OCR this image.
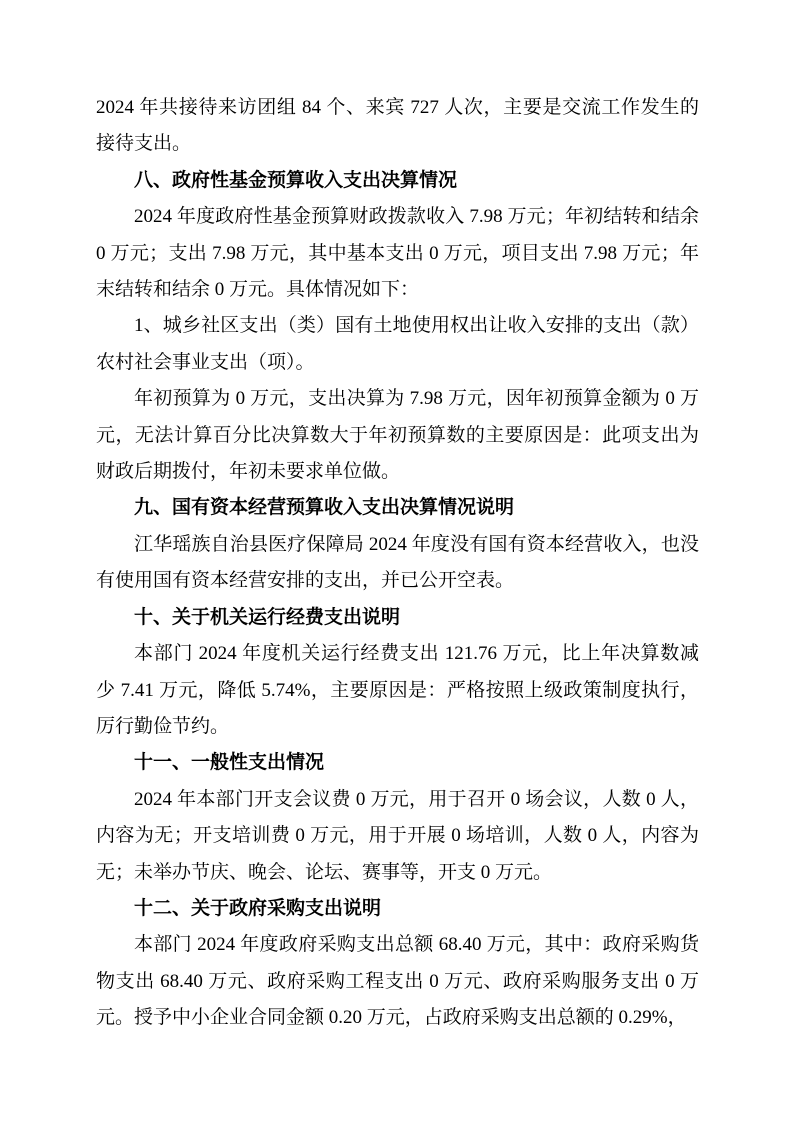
2024 年共接待来访团组 84 个、来宾 727 人次，主要是交流工作发生的接待支出。

八、政府性基金预算收入支出决算情况

2024 年度政府性基金预算财政拨款收入 7.98 万元；年初结转和结余 0 万元；支出 7.98 万元，其中基本支出 0 万元，项目支出 7.98 万元；年末结转和结余 0 万元。具体情况如下：

1、城乡社区支出（类）国有土地使用权出让收入安排的支出（款）农村社会事业支出（项）。

年初预算为 0 万元，支出决算为 7.98 万元，因年初预算金额为 0 万元，无法计算百分比决算数大于年初预算数的主要原因是：此项支出为财政后期拨付，年初未要求单位做。

九、国有资本经营预算收入支出决算情况说明

江华瑶族自治县医疗保障局 2024 年度没有国有资本经营收入，也没有使用国有资本经营安排的支出，并已公开空表。

十、关于机关运行经费支出说明

本部门 2024 年度机关运行经费支出 121.76 万元，比上年决算数减少 7.41 万元，降低 5.74%，主要原因是：严格按照上级政策制度执行，厉行勤俭节约。

十一、一般性支出情况

2024 年本部门开支会议费 0 万元，用于召开 0 场会议，人数 0 人，内容为无；开支培训费 0 万元，用于开展 0 场培训，人数 0 人，内容为无；未举办节庆、晚会、论坛、赛事等，开支 0 万元。

十二、关于政府采购支出说明

本部门 2024 年度政府采购支出总额 68.40 万元，其中：政府采购货物支出 68.40 万元、政府采购工程支出 0 万元、政府采购服务支出 0 万元。授予中小企业合同金额 0.20 万元，占政府采购支出总额的 0.29%，
